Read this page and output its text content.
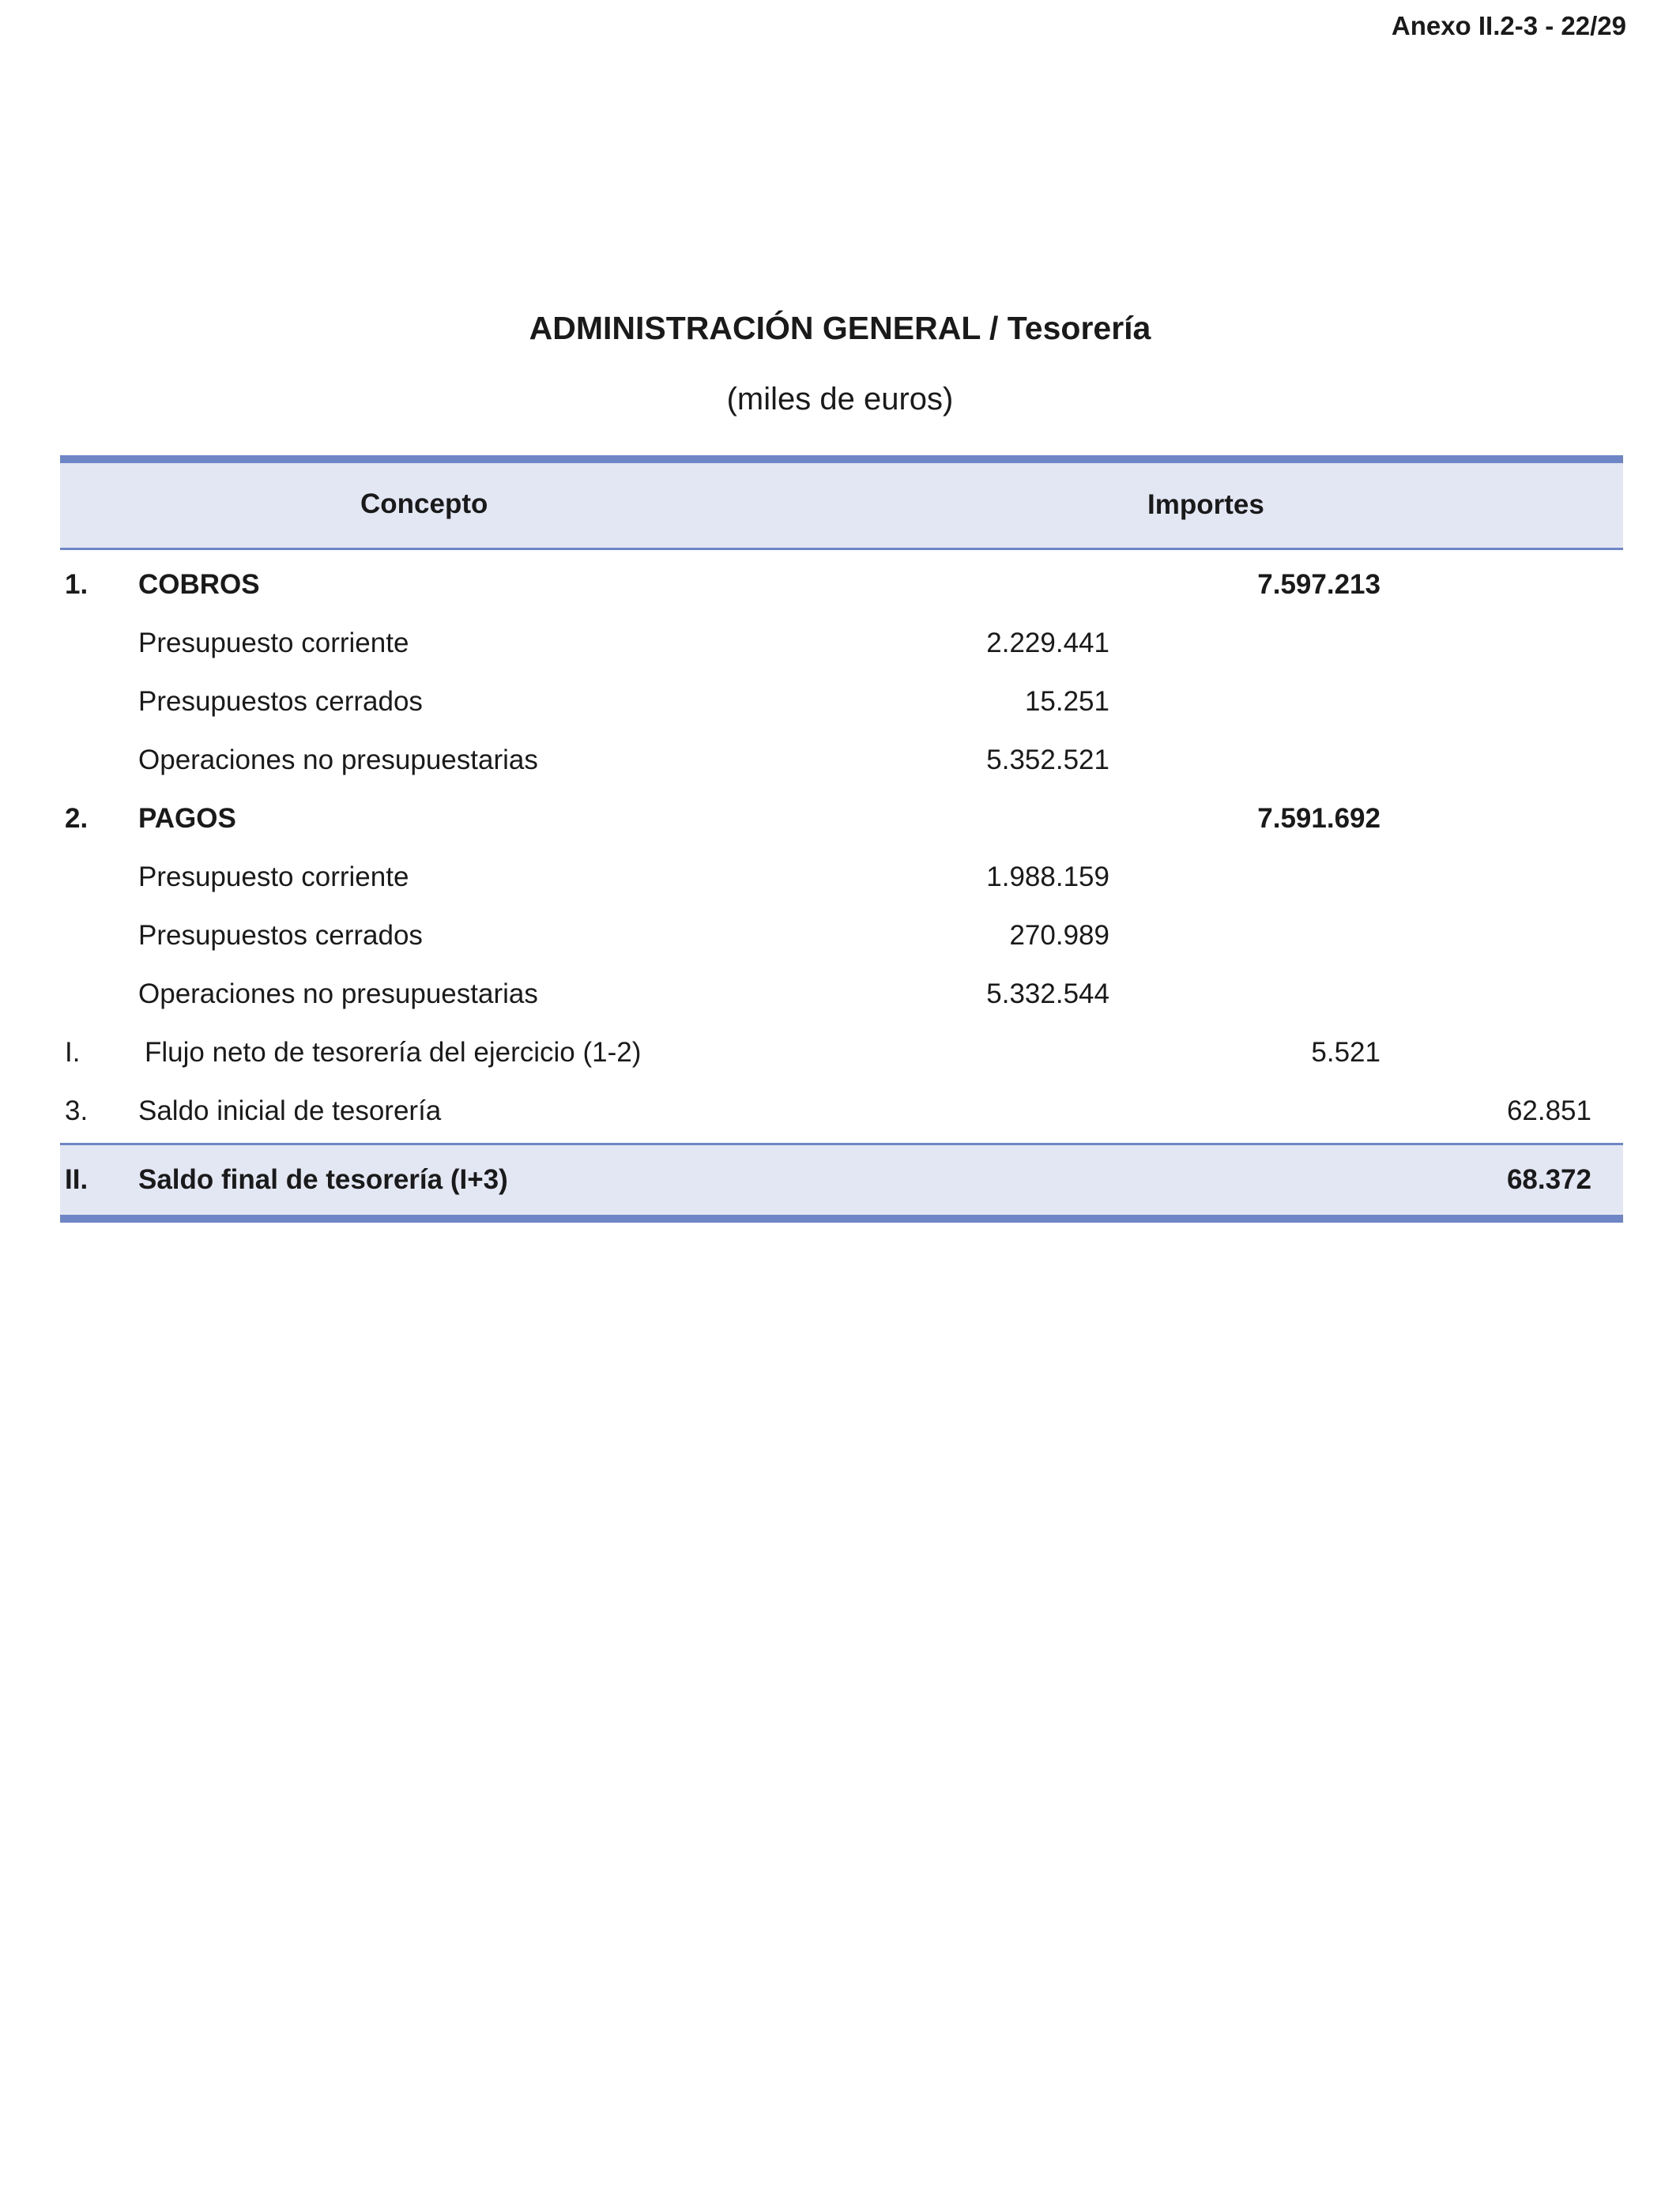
Anexo II.2-3 - 22/29
ADMINISTRACIÓN GENERAL / Tesorería
(miles de euros)
Concepto	Importes
1. COBROS	7.597.213
Presupuesto corriente	2.229.441
Presupuestos cerrados	15.251
Operaciones no presupuestarias	5.352.521
2. PAGOS	7.591.692
Presupuesto corriente	1.988.159
Presupuestos cerrados	270.989
Operaciones no presupuestarias	5.332.544
I. Flujo neto de tesorería del ejercicio (1-2)	5.521
3. Saldo inicial de tesorería	62.851
II. Saldo final de tesorería (I+3)	68.372
